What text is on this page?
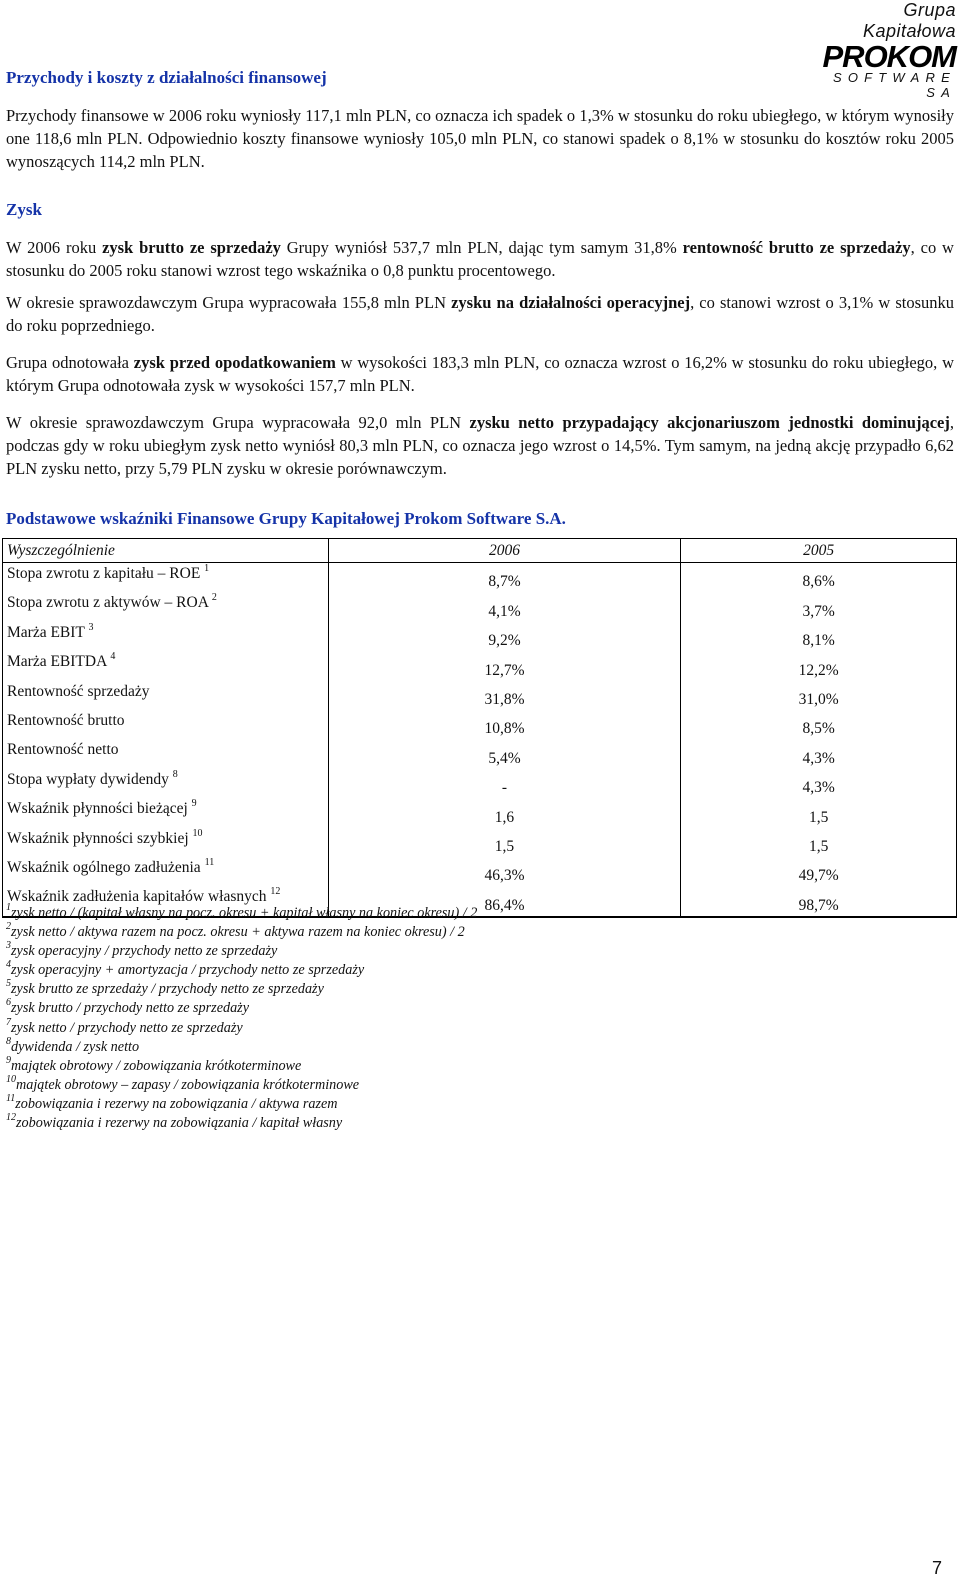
Grupa Kapitałowa
PROKOM
SOFTWARE SA
Przychody i koszty z działalności finansowej
Przychody finansowe w 2006 roku wyniosły 117,1 mln PLN, co oznacza ich spadek o 1,3% w stosunku do roku ubiegłego, w którym wynosiły one 118,6 mln PLN. Odpowiednio koszty finansowe wyniosły 105,0 mln PLN, co stanowi spadek o 8,1% w stosunku do kosztów roku 2005 wynoszących 114,2 mln PLN.
Zysk
W 2006 roku zysk brutto ze sprzedaży Grupy wyniósł 537,7 mln PLN, dając tym samym 31,8% rentowność brutto ze sprzedaży, co w stosunku do 2005 roku stanowi wzrost tego wskaźnika o 0,8 punktu procentowego.
W okresie sprawozdawczym Grupa wypracowała 155,8 mln PLN zysku na działalności operacyjnej, co stanowi wzrost o 3,1% w stosunku do roku poprzedniego.
Grupa odnotowała zysk przed opodatkowaniem w wysokości 183,3 mln PLN, co oznacza wzrost o 16,2% w stosunku do roku ubiegłego, w którym Grupa odnotowała zysk w wysokości 157,7 mln PLN.
W okresie sprawozdawczym Grupa wypracowała 92,0 mln PLN zysku netto przypadający akcjonariuszom jednostki dominującej, podczas gdy w roku ubiegłym zysk netto wyniósł 80,3 mln PLN, co oznacza jego wzrost o 14,5%. Tym samym, na jedną akcję przypadło 6,62 PLN zysku netto, przy 5,79 PLN zysku w okresie porównawczym.
Podstawowe wskaźniki Finansowe Grupy Kapitałowej Prokom Software S.A.
Wyszczególnienie	2006	2005
Stopa zwrotu z kapitału – ROE $^1$	8,7%	8,6%
Stopa zwrotu z aktywów – ROA $^2$	4,1%	3,7%
Marża EBIT $^3$	9,2%	8,1%
Marża EBITDA $^4$	12,7%	12,2%
Rentowność sprzedaży	31,8%	31,0%
Rentowność brutto	10,8%	8,5%
Rentowność netto	5,4%	4,3%
Stopa wypłaty dywidendy $^8$	-	4,3%
Wskaźnik płynności bieżącej $^9$	1,6	1,5
Wskaźnik płynności szybkiej $^{10}$	1,5	1,5
Wskaźnik ogólnego zadłużenia $^{11}$	46,3%	49,7%
Wskaźnik zadłużenia kapitałów własnych $^{12}$	86,4%	98,7%
$^1$zysk netto / (kapitał własny na pocz. okresu + kapitał własny na koniec okresu) / 2
$^2$zysk netto / aktywa razem na pocz. okresu + aktywa razem na koniec okresu) / 2
$^3$zysk operacyjny / przychody netto ze sprzedaży
$^4$zysk operacyjny + amortyzacja / przychody netto ze sprzedaży
$^5$zysk brutto ze sprzedaży / przychody netto ze sprzedaży
$^6$zysk brutto / przychody netto ze sprzedaży
$^7$zysk netto / przychody netto ze sprzedaży
$^8$dywidenda / zysk netto
$^9$majątek obrotowy / zobowiązania krótkoterminowe
$^{10}$majątek obrotowy – zapasy / zobowiązania krótkoterminowe
$^{11}$zobowiązania i rezerwy na zobowiązania / aktywa razem
$^{12}$zobowiązania i rezerwy na zobowiązania / kapitał własny
7
